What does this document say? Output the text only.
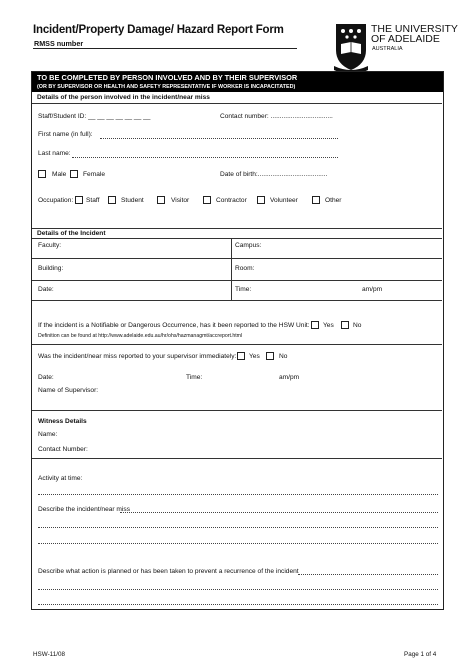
Incident/Property Damage/ Hazard Report Form
RMSS number
THE UNIVERSITY
OF ADELAIDE
AUSTRALIA
TO BE COMPLETED BY PERSON INVOLVED AND BY THEIR SUPERVISOR
(OR BY SUPERVISOR OR HEALTH AND SAFETY REPRESENTATIVE IF WORKER IS INCAPACITATED)
Details of the person involved in the incident/near miss
Staff/Student ID: __ __ __ __ __ __ __	Contact number: ..................................
First name (in full):
Last name:
Male	Female	Date of birth:......................................
Occupation: Staff	Student	Visitor	Contractor	Volunteer	Other
Details of the Incident
Faculty:	Campus:
Building:	Room:
Date:	Time:	am/pm
If the incident is a Notifiable or Dangerous Occurrence, has it been reported to the HSW Unit: Yes	No
Definition can be found at http://www.adelaide.edu.au/hr/ohs/hazmanagmt/accreport.html
Was the incident/near miss reported to your supervisor immediately: Yes	No
Date:	Time:	am/pm
Name of Supervisor:
Witness Details
Name:
Contact Number:
Activity at time:
Describe the incident/near miss
Describe what action is planned or has been taken to prevent a recurrence of the incident
HSW-11/08	Page 1 of 4
